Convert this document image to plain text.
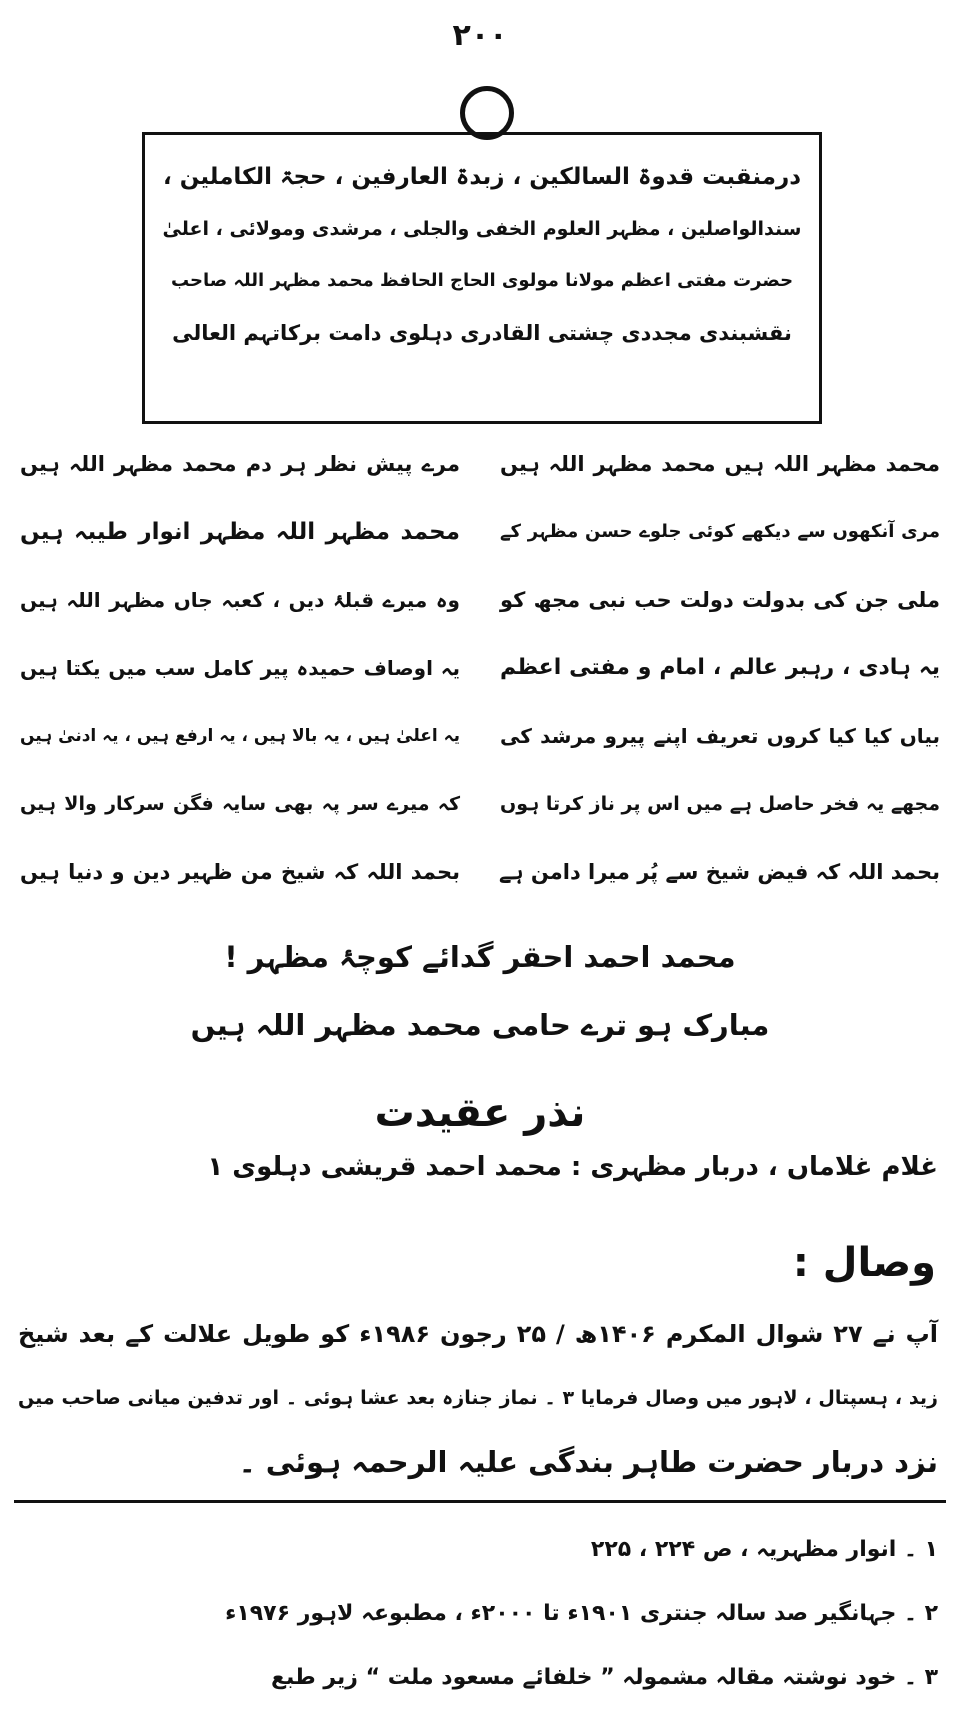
۲۰۰
درمنقبت قدوۃ السالکین ، زبدۃ العارفین ، حجۃ الکاملین ،
سندالواصلین ، مظہر العلوم الخفی والجلی ، مرشدی ومولائی ، اعلیٰ
حضرت مفتی اعظم مولانا مولوی الحاج الحافظ محمد مظہر اللہ صاحب
نقشبندی مجددی چشتی القادری دہلوی دامت برکاتہم العالی
محمد مظہر اللہ ہیں محمد مظہر اللہ ہیں
مرے پیش نظر ہر دم محمد مظہر اللہ ہیں
مری آنکھوں سے دیکھے کوئی جلوے حسن مظہر کے
محمد مظہر اللہ مظہر انوار طیبہ ہیں
ملی جن کی بدولت دولت حب نبی مجھ کو
وہ میرے قبلۂ دیں ، کعبہ جاں مظہر اللہ ہیں
یہ ہادی ، رہبر عالم ، امام و مفتی اعظم
یہ اوصاف حمیدہ پیر کامل سب میں یکتا ہیں
بیاں کیا کیا کروں تعریف اپنے پیرو مرشد کی
یہ اعلیٰ ہیں ، یہ بالا ہیں ، یہ ارفع ہیں ، یہ ادنیٰ ہیں
مجھے یہ فخر حاصل ہے میں اس پر ناز کرتا ہوں
کہ میرے سر پہ بھی سایہ فگن سرکار والا ہیں
بحمد اللہ کہ فیض شیخ سے پُر میرا دامن ہے
بحمد اللہ کہ شیخ من ظہیر دین و دنیا ہیں
محمد احمد احقر گدائے کوچۂ مظہر !
مبارک ہو ترے حامی محمد مظہر اللہ ہیں
نذر عقیدت
غلام غلاماں ، دربار مظہری : محمد احمد قریشی دہلوی ۱
وصال :
آپ نے ۲۷ شوال المکرم ۱۴۰۶ھ / ۲۵ رجون ۱۹۸۶ء کو طویل علالت کے بعد شیخ
زید ، ہسپتال ، لاہور میں وصال فرمایا ۳ ۔ نماز جنازہ بعد عشا ہوئی ۔ اور تدفین میانی صاحب میں
نزد دربار حضرت طاہر بندگی علیہ الرحمہ ہوئی ۔
۱ ۔ انوار مظہریہ ، ص ۲۲۴ ، ۲۲۵
۲ ۔ جہانگیر صد سالہ جنتری ۱۹۰۱ء تا ۲۰۰۰ء ، مطبوعہ لاہور ۱۹۷۶ء
۳ ۔ خود نوشتہ مقالہ مشمولہ ” خلفائے مسعود ملت “ زیر طبع
